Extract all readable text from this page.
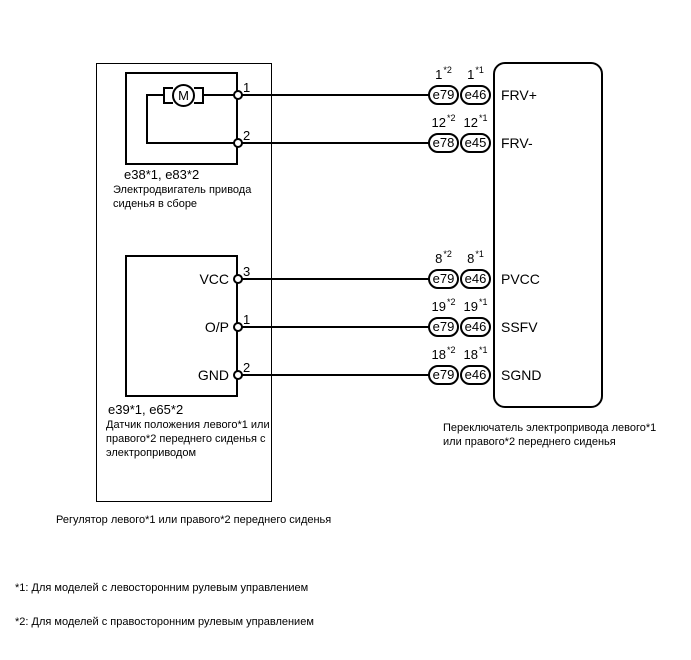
M
1
1$^{*2}$	1$^{*1}$
e79 e46	FRV+
2
12$^{*2}$ 12$^{*1}$
e78 e45	FRV-
VCC 3
8$^{*2}$	8$^{*1}$
e79 e46	PVCC
O/P 1
19$^{*2}$ 19$^{*1}$
e79 e46	SSFV
GND 2
18$^{*2}$ 18$^{*1}$
e79 e46	SGND
e38*1, e83*2
Электродвигатель привода сиденья в сборе
e39*1, e65*2
Датчик положения левого*1 или правого*2 переднего сиденья с электроприводом
Регулятор левого*1 или правого*2 переднего сиденья
Переключатель электропривода левого*1 или правого*2 переднего сиденья
*1: Для моделей с левосторонним рулевым управлением
*2: Для моделей с правосторонним рулевым управлением
